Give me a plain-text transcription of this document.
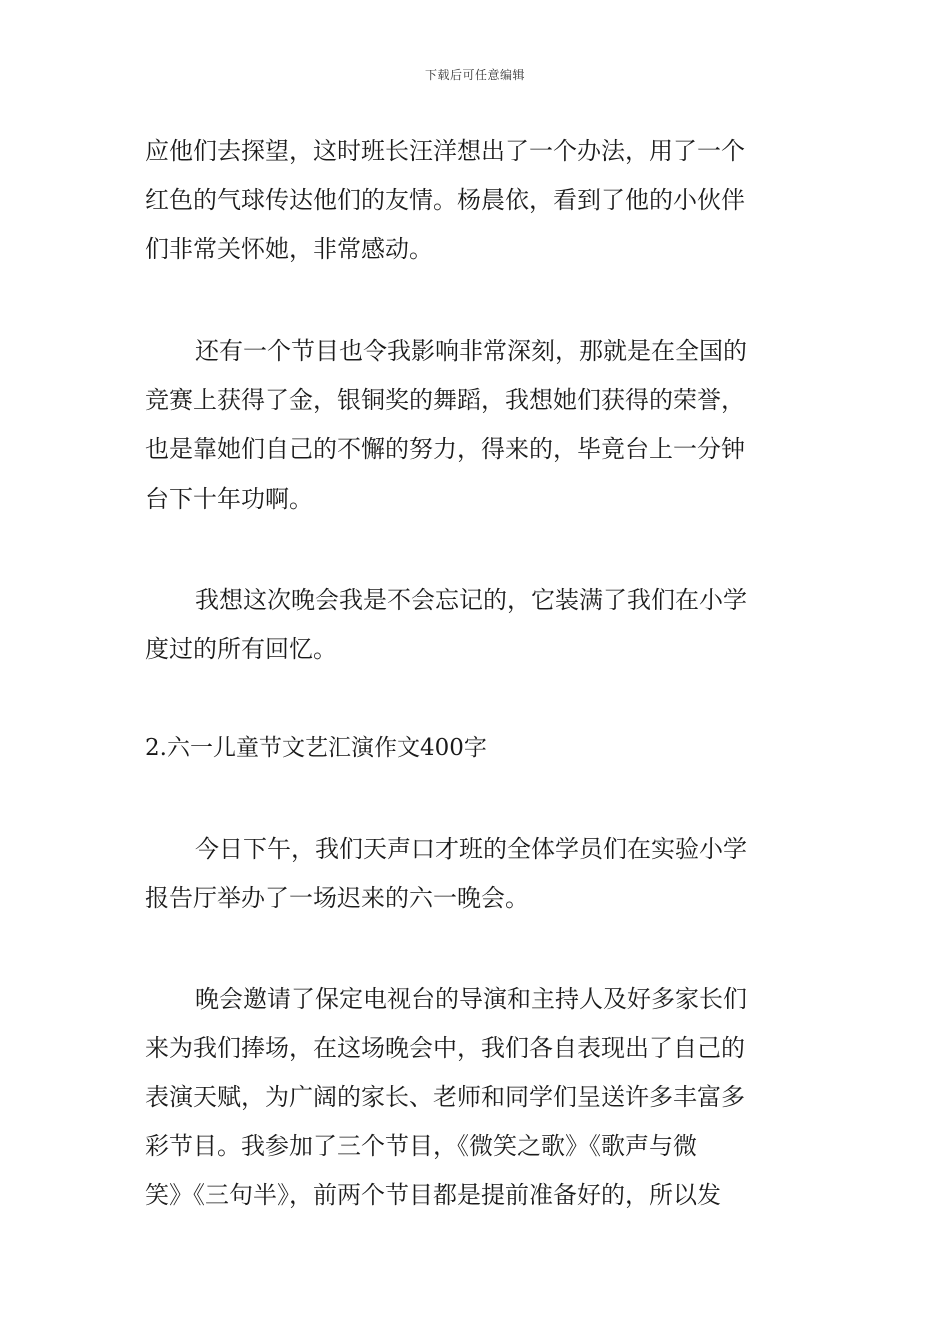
下载后可任意编辑
应他们去探望，这时班长汪洋想出了一个办法，用了一个
红色的气球传达他们的友情。杨晨依，看到了他的小伙伴
们非常关怀她，非常感动。
还有一个节目也令我影响非常深刻，那就是在全国的
竞赛上获得了金，银铜奖的舞蹈，我想她们获得的荣誉，
也是靠她们自己的不懈的努力，得来的，毕竟台上一分钟
台下十年功啊。
我想这次晚会我是不会忘记的，它装满了我们在小学
度过的所有回忆。
2.六一儿童节文艺汇演作文400字
今日下午，我们天声口才班的全体学员们在实验小学
报告厅举办了一场迟来的六一晚会。
晚会邀请了保定电视台的导演和主持人及好多家长们
来为我们捧场，在这场晚会中，我们各自表现出了自己的
表演天赋，为广阔的家长、老师和同学们呈送许多丰富多
彩节目。我参加了三个节目，《微笑之歌》《歌声与微
笑》《三句半》，前两个节目都是提前准备好的，所以发
